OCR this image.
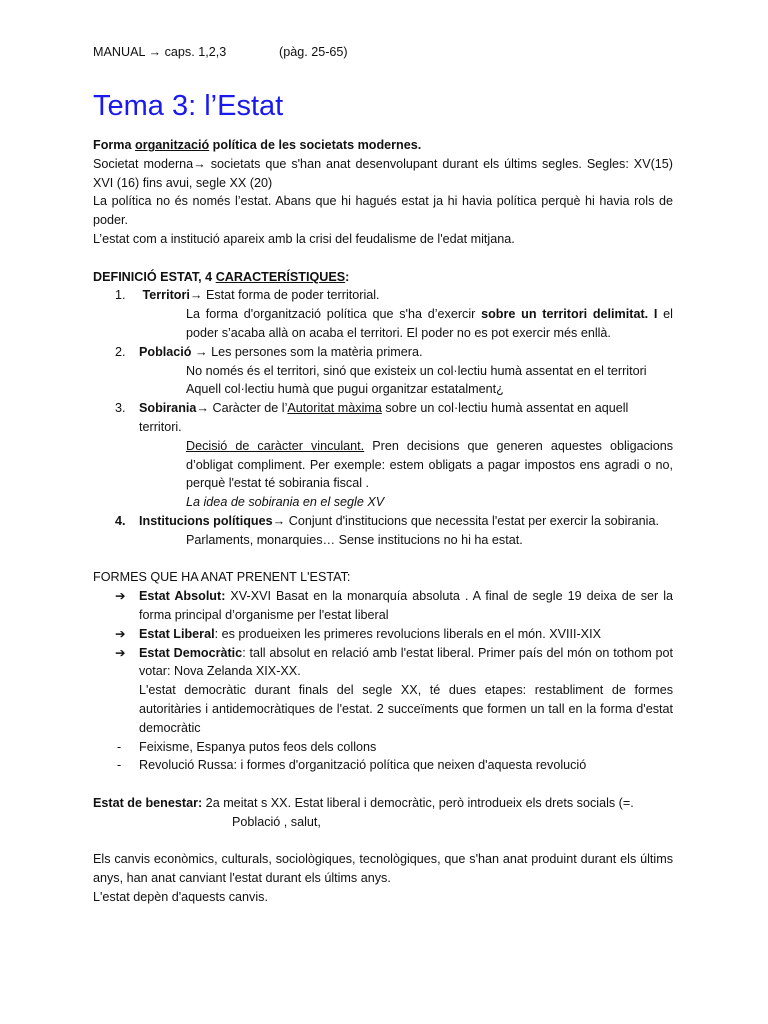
MANUAL → caps. 1,2,3	(pàg. 25-65)
Tema 3: l’Estat
Forma organització política de les societats modernes.
Societat moderna→ societats que s'han anat desenvolupant durant els últims segles. Segles: XV(15) XVI (16) fins avui, segle XX (20)
La política no és només l’estat. Abans que hi hagués estat ja hi havia política perquè hi havia rols de poder.
L’estat com a institució apareix amb la crisi del feudalisme de l'edat mitjana.
DEFINICIÓ ESTAT, 4 CARACTERÍSTIQUES:
1.	Territori→ Estat forma de poder territorial.
La forma d'organització política que s'ha d’exercir sobre un territori delimitat. I el poder s’acaba allà on acaba el territori. El poder no es pot exercir més enllà.
2.	Població → Les persones som la matèria primera.
No només és el territori, sinó que existeix un col·lectiu humà assentat en el territori
Aquell col·lectiu humà que pugui organitzar estatalment¿
3.	Sobirania→ Caràcter de l’Autoritat màxima sobre un col·lectiu humà assentat en aquell territori.
Decisió de caràcter vinculant. Pren decisions que generen aquestes obligacions d’obligat compliment. Per exemple: estem obligats a pagar impostos ens agradi o no, perquè l'estat té sobirania fiscal .
La idea de sobirania en el segle XV
4.	Institucions polítiques→ Conjunt d'institucions que necessita l'estat per exercir la sobirania.
Parlaments, monarquies… Sense institucions no hi ha estat.
FORMES QUE HA ANAT PRENENT L'ESTAT:
➔	Estat Absolut: XV-XVI Basat en la monarquía absoluta . A final de segle 19 deixa de ser la forma principal d’organisme per l'estat liberal
➔	Estat Liberal: es produeixen les primeres revolucions liberals en el món. XVIII-XIX
➔	Estat Democràtic: tall absolut en relació amb l'estat liberal. Primer país del món on tothom pot votar: Nova Zelanda XIX-XX.
L'estat democràtic durant finals del segle XX, té dues etapes: restabliment de formes autoritàries i antidemocràtiques de l'estat. 2 succeïments que formen un tall en la forma d'estat democràtic
-	Feixisme, Espanya putos feos dels collons
-	Revolució Russa: i formes d'organització política que neixen d'aquesta revolució
Estat de benestar: 2a meitat s XX. Estat liberal i democràtic, però introdueix els drets socials (=.
Població , salut,
Els canvis econòmics, culturals, sociològiques, tecnològiques, que s'han anat produint durant els últims anys, han anat canviant l'estat durant els últims anys.
L'estat depèn d'aquests canvis.
